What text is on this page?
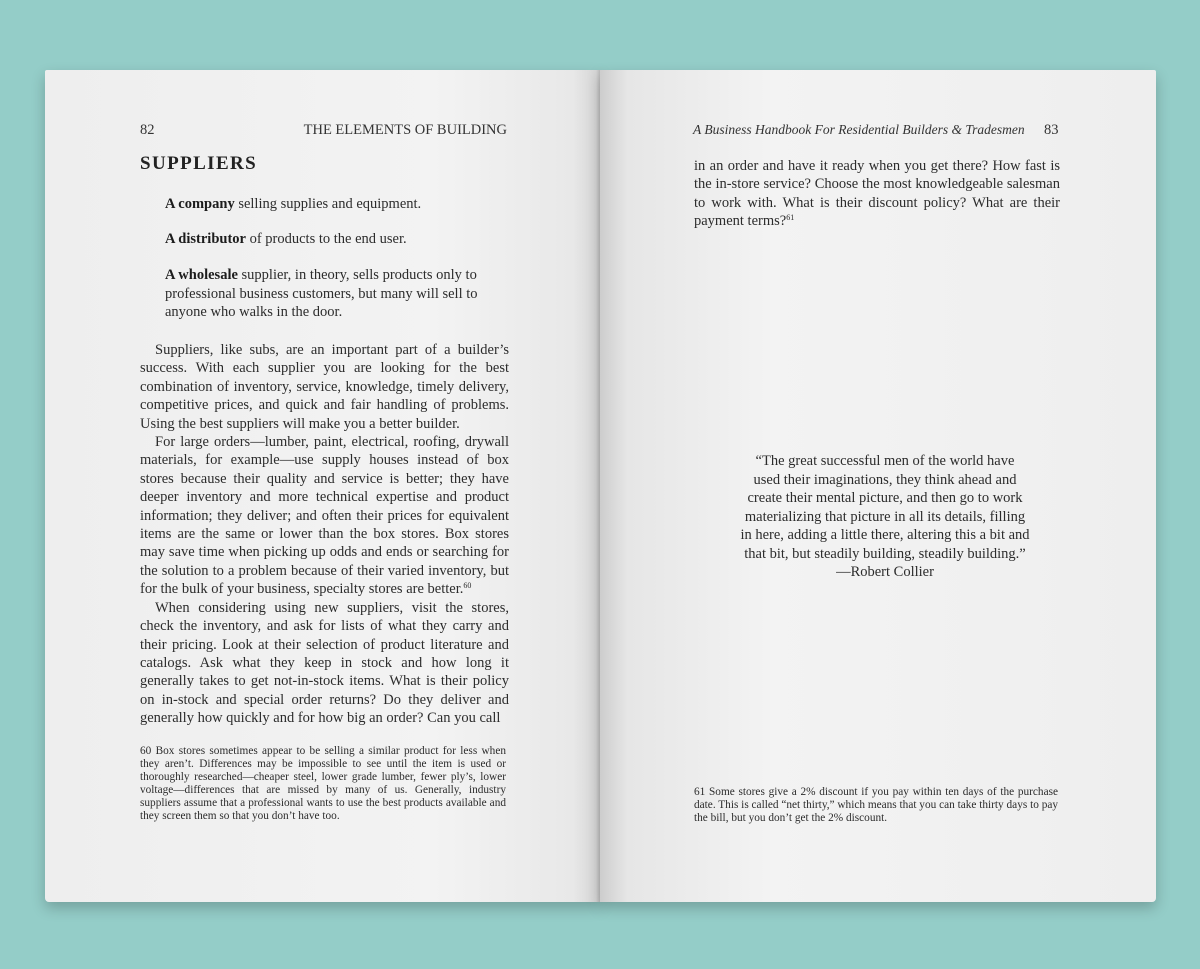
82	THE ELEMENTS OF BUILDING
SUPPLIERS

A company selling supplies and equipment.

A distributor of products to the end user.

A wholesale supplier, in theory, sells products only to professional business customers, but many will sell to anyone who walks in the door.

Suppliers, like subs, are an important part of a builder’s success. With each supplier you are looking for the best combination of inventory, service, knowledge, timely delivery, competitive prices, and quick and fair handling of problems. Using the best suppliers will make you a better builder.

For large orders—lumber, paint, electrical, roofing, drywall materials, for example—use supply houses instead of box stores because their quality and service is better; they have deeper inventory and more technical expertise and product information; they deliver; and often their prices for equivalent items are the same or lower than the box stores. Box stores may save time when picking up odds and ends or searching for the solution to a problem because of their varied inventory, but for the bulk of your business, specialty stores are better.$^{60}$

When considering using new suppliers, visit the stores, check the inventory, and ask for lists of what they carry and their pricing. Look at their selection of product literature and catalogs. Ask what they keep in stock and how long it generally takes to get not-in-stock items. What is their policy on in-stock and special order returns? Do they deliver and generally how quickly and for how big an order? Can you call

60 Box stores sometimes appear to be selling a similar product for less when they aren’t. Differences may be impossible to see until the item is used or thoroughly researched—cheaper steel, lower grade lumber, fewer ply’s, lower voltage—differences that are missed by many of us. Generally, industry suppliers assume that a professional wants to use the best products available and they screen them so that you don’t have too.

A Business Handbook For Residential Builders & Tradesmen 83

in an order and have it ready when you get there? How fast is the in-store service? Choose the most knowledgeable salesman to work with. What is their discount policy? What are their payment terms?$^{61}$

“The great successful men of the world have

used their imaginations, they think ahead and

create their mental picture, and then go to work

materializing that picture in all its details, filling

in here, adding a little there, altering this a bit and

that bit, but steadily building, steadily building.”

—Robert Collier

61 Some stores give a 2% discount if you pay within ten days of the purchase date. This is called “net thirty,” which means that you can take thirty days to pay the bill, but you don’t get the 2% discount.
